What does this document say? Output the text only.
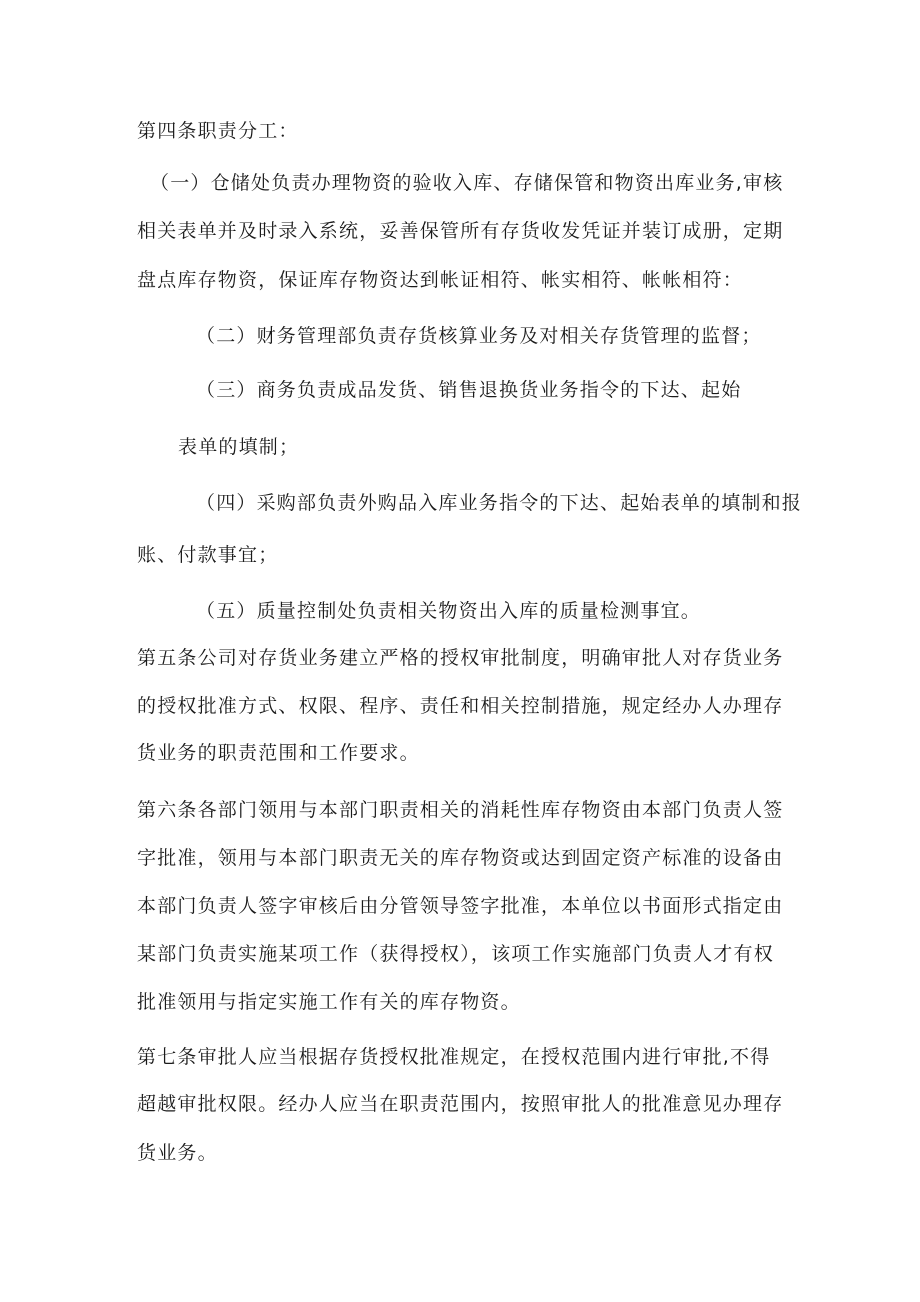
第四条职责分工：
（一）仓储处负责办理物资的验收入库、存储保管和物资出库业务,审核
相关表单并及时录入系统，妥善保管所有存货收发凭证并装订成册，定期
盘点库存物资，保证库存物资达到帐证相符、帐实相符、帐帐相符：
（二）财务管理部负责存货核算业务及对相关存货管理的监督；
（三）商务负责成品发货、销售退换货业务指令的下达、起始
表单的填制；
（四）采购部负责外购品入库业务指令的下达、起始表单的填制和报
账、付款事宜；
（五）质量控制处负责相关物资出入库的质量检测事宜。
第五条公司对存货业务建立严格的授权审批制度，明确审批人对存货业务
的授权批准方式、权限、程序、责任和相关控制措施，规定经办人办理存
货业务的职责范围和工作要求。
第六条各部门领用与本部门职责相关的消耗性库存物资由本部门负责人签
字批准，领用与本部门职责无关的库存物资或达到固定资产标准的设备由
本部门负责人签字审核后由分管领导签字批准，本单位以书面形式指定由
某部门负责实施某项工作（获得授权），该项工作实施部门负责人才有权
批准领用与指定实施工作有关的库存物资。
第七条审批人应当根据存货授权批准规定，在授权范围内进行审批,不得
超越审批权限。经办人应当在职责范围内，按照审批人的批准意见办理存
货业务。
